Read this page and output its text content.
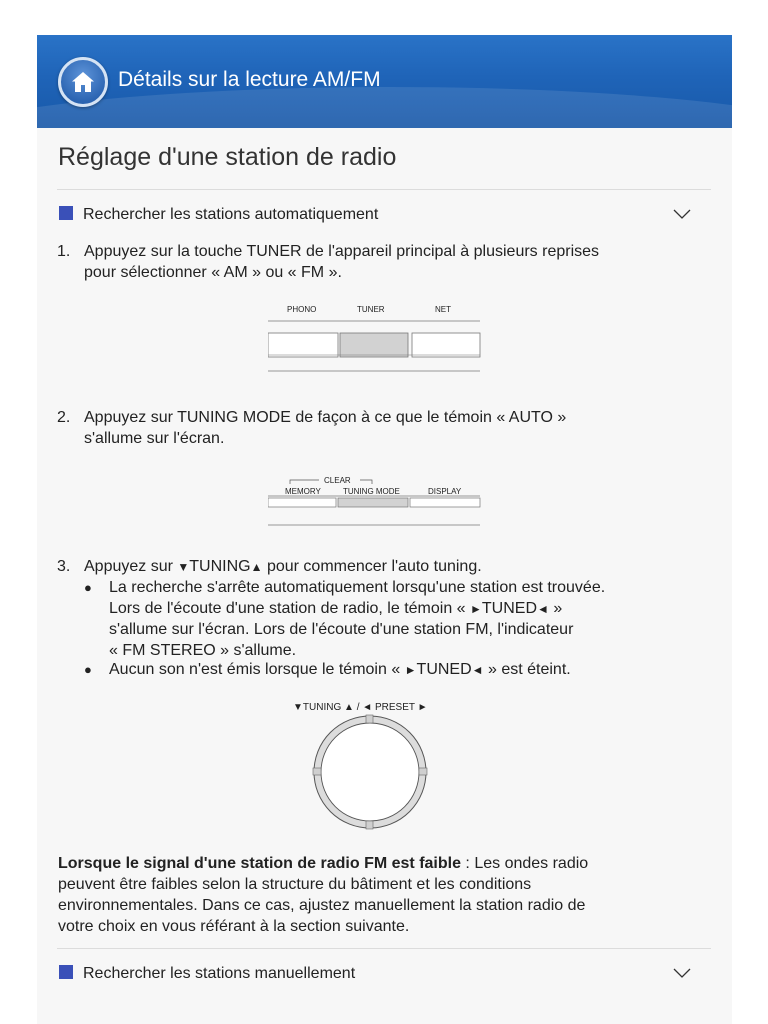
Détails sur la lecture AM/FM
Réglage d'une station de radio
Rechercher les stations automatiquement
1. Appuyez sur la touche TUNER de l'appareil principal à plusieurs reprises
pour sélectionner « AM » ou « FM ».
PHONO	TUNER	NET
2. Appuyez sur TUNING MODE de façon à ce que le témoin « AUTO »
s'allume sur l'écran.
CLEAR
MEMORY	TUNING MODE	DISPLAY
3. Appuyez sur ▼TUNING▲ pour commencer l'auto tuning.
● La recherche s'arrête automatiquement lorsqu'une station est trouvée.
Lors de l'écoute d'une station de radio, le témoin « ►TUNED◄ »
s'allume sur l'écran. Lors de l'écoute d'une station FM, l'indicateur
« FM STEREO » s'allume.
● Aucun son n'est émis lorsque le témoin « ►TUNED◄ » est éteint.
▼TUNING ▲ / ◄ PRESET ►
Lorsque le signal d'une station de radio FM est faible : Les ondes radio
peuvent être faibles selon la structure du bâtiment et les conditions
environnementales. Dans ce cas, ajustez manuellement la station radio de
votre choix en vous référant à la section suivante.
Rechercher les stations manuellement
